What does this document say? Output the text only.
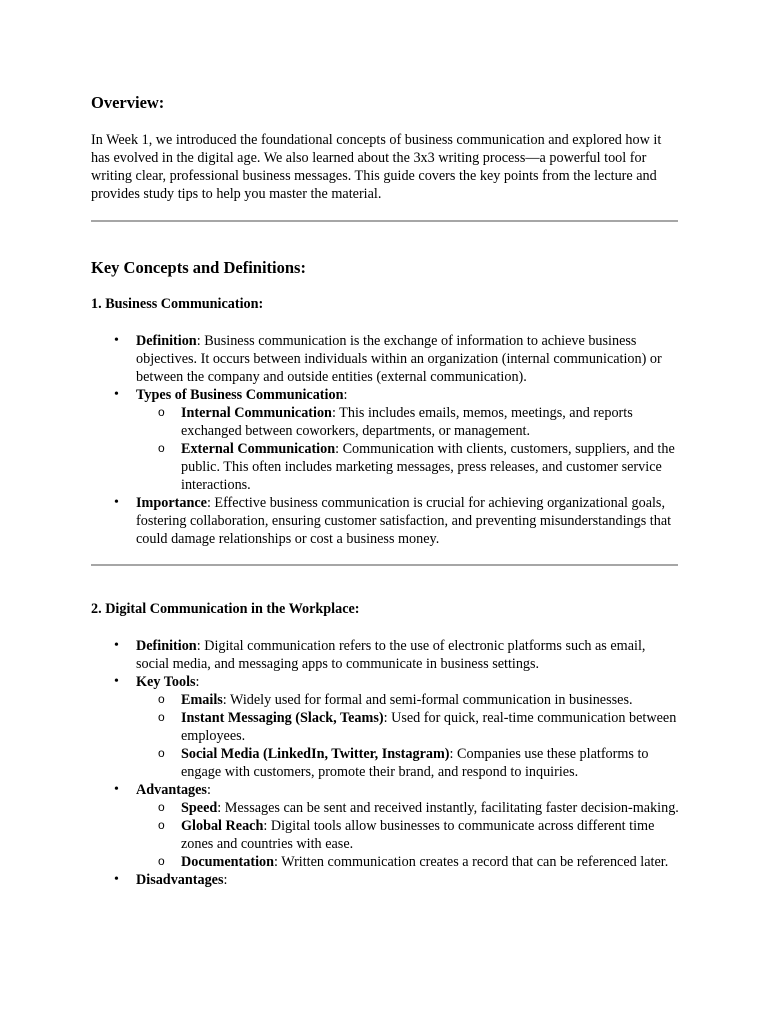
Overview:

In Week 1, we introduced the foundational concepts of business communication and explored how it has evolved in the digital age. We also learned about the 3x3 writing process—a powerful tool for writing clear, professional business messages. This guide covers the key points from the lecture and provides study tips to help you master the material.

Key Concepts and Definitions:
1. Business Communication:
• Definition: Business communication is the exchange of information to achieve business objectives. It occurs between individuals within an organization (internal communication) or between the company and outside entities (external communication).
• Types of Business Communication:
o Internal Communication: This includes emails, memos, meetings, and reports exchanged between coworkers, departments, or management.
o External Communication: Communication with clients, customers, suppliers, and the public. This often includes marketing messages, press releases, and customer service interactions.
• Importance: Effective business communication is crucial for achieving organizational goals, fostering collaboration, ensuring customer satisfaction, and preventing misunderstandings that could damage relationships or cost a business money.
2. Digital Communication in the Workplace:
• Definition: Digital communication refers to the use of electronic platforms such as email, social media, and messaging apps to communicate in business settings.
• Key Tools:
o Emails: Widely used for formal and semi-formal communication in businesses.
o Instant Messaging (Slack, Teams): Used for quick, real-time communication between employees.
o Social Media (LinkedIn, Twitter, Instagram): Companies use these platforms to engage with customers, promote their brand, and respond to inquiries.
• Advantages:
o Speed: Messages can be sent and received instantly, facilitating faster decision-making.
o Global Reach: Digital tools allow businesses to communicate across different time zones and countries with ease.
o Documentation: Written communication creates a record that can be referenced later.
• Disadvantages:
